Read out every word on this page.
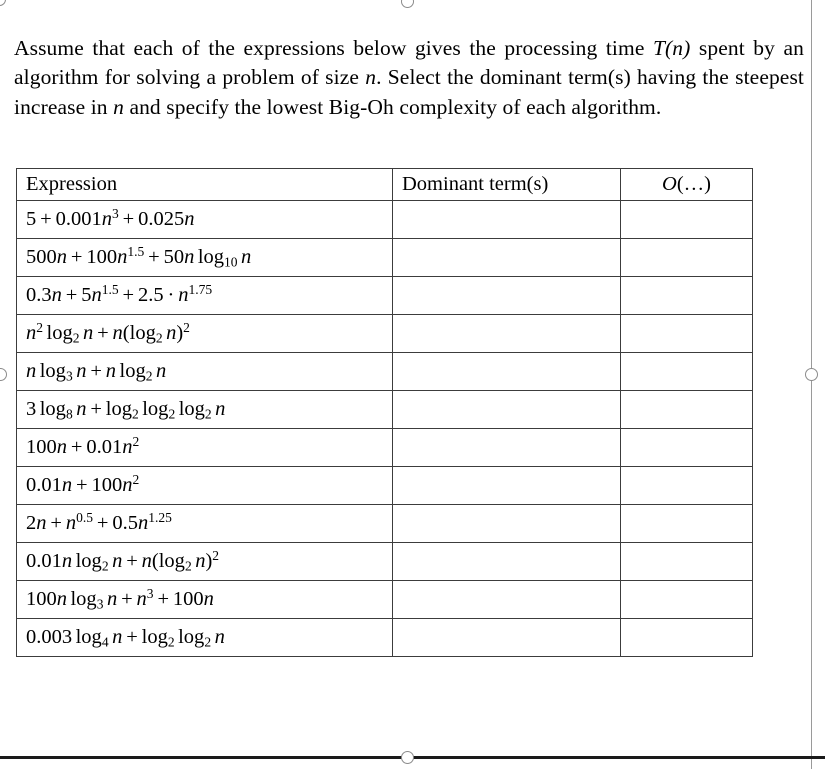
Assume that each of the expressions below gives the processing time T(n) spent by an algorithm for solving a problem of size n. Select the dominant term(s) having the steepest increase in n and specify the lowest Big-Oh complexity of each algorithm.

Expression	Dominant term(s)	O(…)
$5 + 0.001n^3 + 0.025n$		
$500n + 100n^{1.5} + 50n$ $\log_{10} n$		
$0.3n + 5n^{1.5} + 2.5 \cdot n^{1.75}$		
$n^2$ $\log_2 n + n(\log_2$ n)$^2$		
n $\log_3 n + n$ $\log_2 n$		
3 $\log_8 n + \log_2 \log_2 \log_2 n$		
$100n + 0.01n^2$		
$0.01n + 100n^2$		
$2n + n^{0.5} + 0.5n^{1.25}$		
0.01n $\log_2 n + n(\log_2$ n)$^2$		
100n $\log_3 n + n^3 + 100n$		
0.003 $\log_4 n + \log_2 \log_2 n$		
